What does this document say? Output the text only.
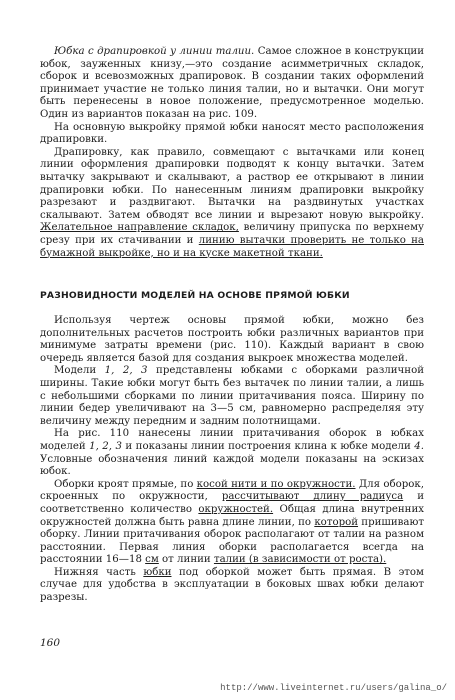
Юбка с драпировкой у линии талии. Самое сложное в конструкции юбок, зауженных книзу,—это создание асимметричных складок, сборок и всевозможных драпировок. В создании таких оформлений принимает участие не только линия талии, но и вытачки. Они могут быть перенесены в новое положение, предусмотренное моделью. Один из вариантов показан на рис. 109.

На основную выкройку прямой юбки наносят место расположения драпировки.

Драпировку, как правило, совмещают с вытачками или конец линии оформления драпировки подводят к концу вытачки. Затем вытачку закрывают и скалывают, а раствор ее открывают в линии драпировки юбки. По нанесенным линиям драпировки выкройку разрезают и раздвигают. Вытачки на раздвинутых участках скалывают. Затем обводят все линии и вырезают новую выкройку. Желательное направление складок, величину припуска по верхнему срезу при их стачивании и линию вытачки проверить не только на бумажной выкройке, но и на куске макетной ткани.

РАЗНОВИДНОСТИ МОДЕЛЕЙ НА ОСНОВЕ ПРЯМОЙ ЮБКИ

Используя чертеж основы прямой юбки, можно без дополнительных расчетов построить юбки различных вариантов при минимуме затраты времени (рис. 110). Каждый вариант в свою очередь является базой для создания выкроек множества моделей.

Модели 1, 2, 3 представлены юбками с оборками различной ширины. Такие юбки могут быть без вытачек по линии талии, а лишь с небольшими сборками по линии притачивания пояса. Ширину по линии бедер увеличивают на 3—5 см, равномерно распределяя эту величину между передним и задним полотнищами.

На рис. 110 нанесены линии притачивания оборок в юбках моделей 1, 2, 3 и показаны линии построения клина к юбке модели 4. Условные обозначения линий каждой модели показаны на эскизах юбок.

Оборки кроят прямые, по косой нити и по окружности. Для оборок, скроенных по окружности, рассчитывают длину радиуса и соответственно количество окружностей. Общая длина внутренних окружностей должна быть равна длине линии, по которой пришивают оборку. Линии притачивания оборок располагают от талии на разном расстоянии. Первая линия оборки располагается всегда на расстоянии 16—18 см от линии талии (в зависимости от роста).

Нижняя часть юбки под оборкой может быть прямая. В этом случае для удобства в эксплуатации в боковых швах юбки делают разрезы.

160
http://www.liveinternet.ru/users/galina_o/
